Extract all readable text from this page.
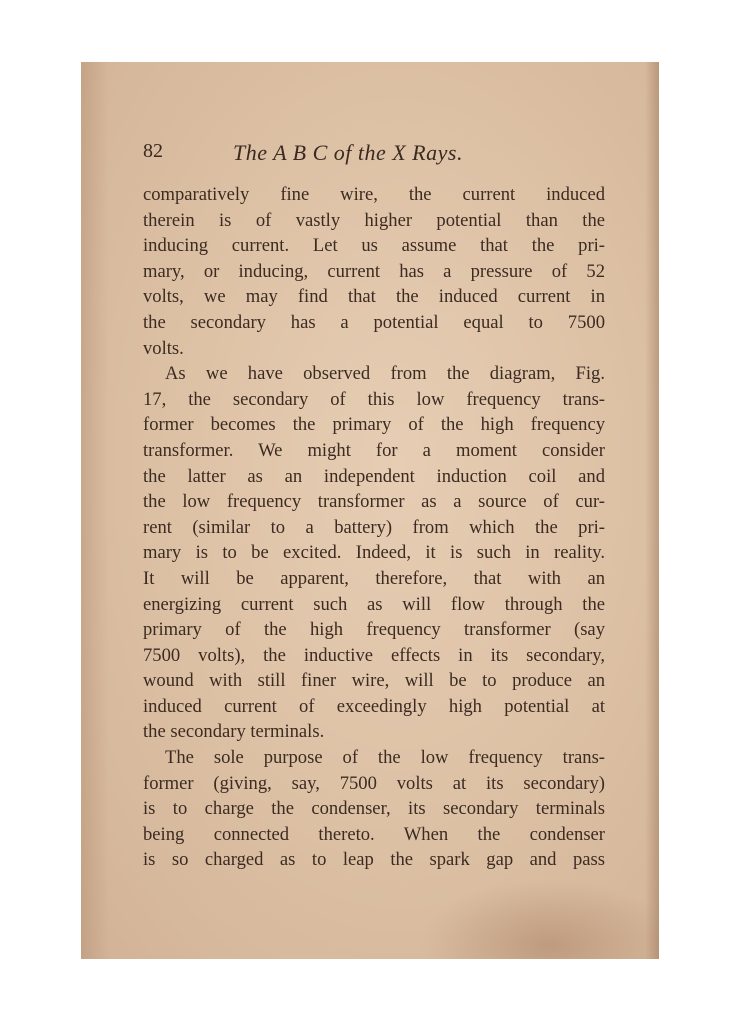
82	The A B C of the X Rays.
comparatively fine wire, the current induced
therein is of vastly higher potential than the
inducing current. Let us assume that the pri-
mary, or inducing, current has a pressure of 52
volts, we may find that the induced current in
the secondary has a potential equal to 7500
volts.
As we have observed from the diagram, Fig.
17, the secondary of this low frequency trans-
former becomes the primary of the high frequency
transformer. We might for a moment consider
the latter as an independent induction coil and
the low frequency transformer as a source of cur-
rent (similar to a battery) from which the pri-
mary is to be excited. Indeed, it is such in reality.
It will be apparent, therefore, that with an
energizing current such as will flow through the
primary of the high frequency transformer (say
7500 volts), the inductive effects in its secondary,
wound with still finer wire, will be to produce an
induced current of exceedingly high potential at
the secondary terminals.
The sole purpose of the low frequency trans-
former (giving, say, 7500 volts at its secondary)
is to charge the condenser, its secondary terminals
being connected thereto. When the condenser
is so charged as to leap the spark gap and pass
